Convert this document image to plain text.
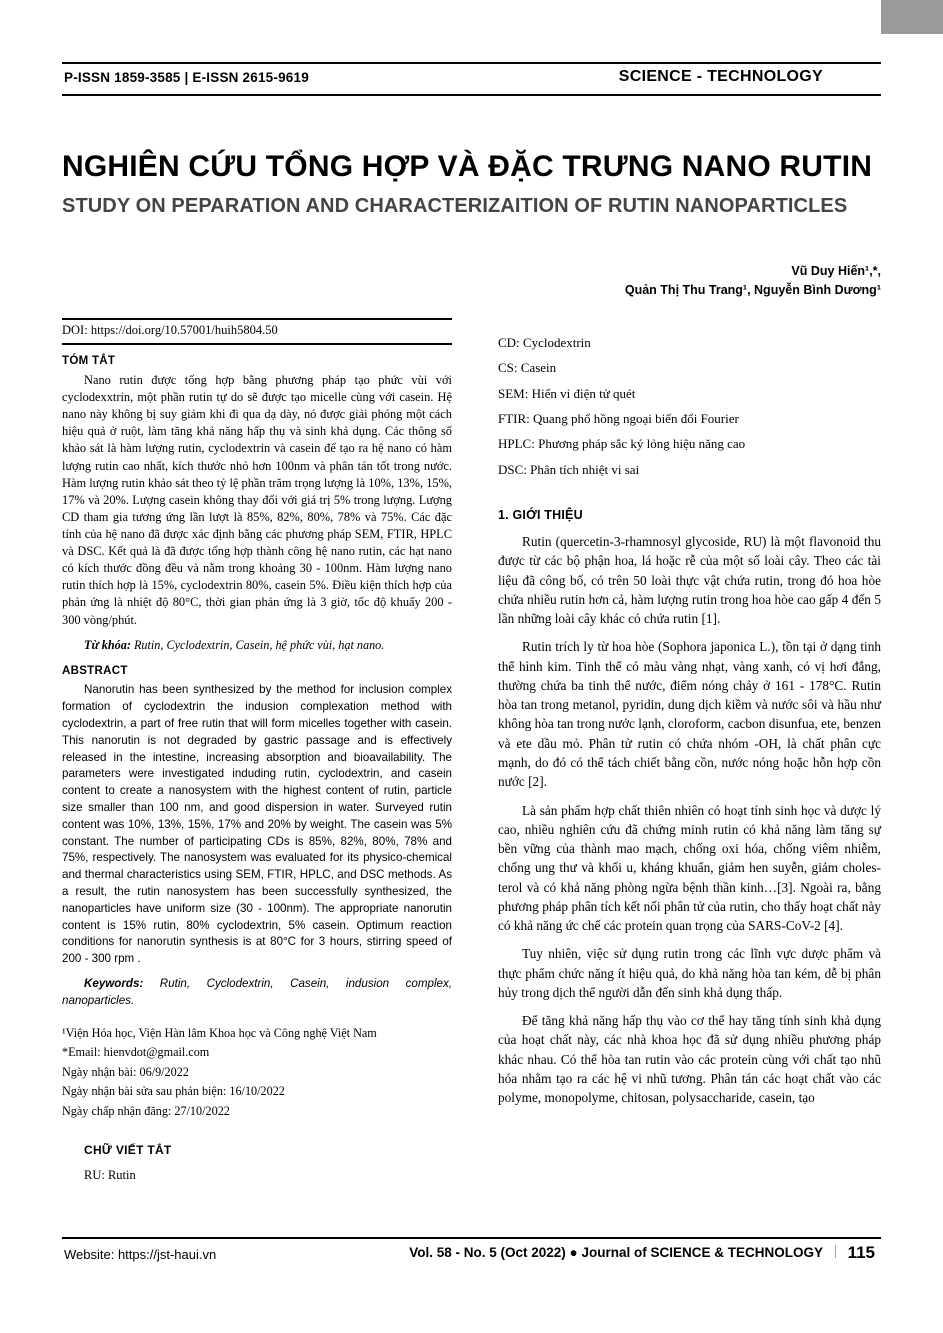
P-ISSN 1859-3585 | E-ISSN 2615-9619	SCIENCE - TECHNOLOGY
NGHIÊN CỨU TỔNG HỢP VÀ ĐẶC TRƯNG NANO RUTIN
STUDY ON PEPARATION AND CHARACTERIZAITION OF RUTIN NANOPARTICLES
Vũ Duy Hiến¹,*,
Quản Thị Thu Trang¹, Nguyễn Bình Dương¹
DOI: https://doi.org/10.57001/huih5804.50
TÓM TẮT

Nano rutin được tổng hợp bằng phương pháp tạo phức vùi với cyclodexxtrin, một phần rutin tự do sẽ được tạo micelle cùng với casein. Hệ nano này không bị suy giảm khi đi qua dạ dày, nó được giải phóng một cách hiệu quả ở ruột, làm tăng khả năng hấp thụ và sinh khả dụng. Các thông số khảo sát là hàm lượng rutin, cyclodextrin và casein để tạo ra hệ nano có hàm lượng rutin cao nhất, kích thước nhỏ hơn 100nm và phân tán tốt trong nước. Hàm lượng rutin khảo sát theo tỷ lệ phần trăm trọng lượng là 10%, 13%, 15%, 17% và 20%. Lượng casein không thay đổi với giá trị 5% trong lượng. Lượng CD tham gia tương ứng lần lượt là 85%, 82%, 80%, 78% và 75%. Các đặc tính của hệ nano đã được xác định bằng các phương pháp SEM, FTIR, HPLC và DSC. Kết quả là đã được tổng hợp thành công hệ nano rutin, các hạt nano có kích thước đồng đều và nằm trong khoảng 30 - 100nm. Hàm lượng nano rutin thích hợp là 15%, cyclodextrin 80%, casein 5%. Điều kiện thích hợp của phản ứng là nhiệt độ 80°C, thời gian phản ứng là 3 giờ, tốc độ khuấy 200 - 300 vòng/phút.

Từ khóa: Rutin, Cyclodextrin, Casein, hệ phức vùi, hạt nano.

ABSTRACT

Nanorutin has been synthesized by the method for inclusion complex formation of cyclodextrin the indusion complexation method with cyclodextrin, a part of free rutin that will form micelles together with casein. This nanorutin is not degraded by gastric passage and is effectively released in the intestine, increasing absorption and bioavailability. The parameters were investigated induding rutin, cyclodextrin, and casein content to create a nanosystem with the highest content of rutin, particle size smaller than 100 nm, and good dispersion in water. Surveyed rutin content was 10%, 13%, 15%, 17% and 20% by weight. The casein was 5% constant. The number of participating CDs is 85%, 82%, 80%, 78% and 75%, respectively. The nanosystem was evaluated for its physico-chemical and thermal characteristics using SEM, FTIR, HPLC, and DSC methods. As a result, the rutin nanosystem has been successfully synthesized, the nanoparticles have uniform size (30 - 100nm). The appropriate nanorutin content is 15% rutin, 80% cyclodextrin, 5% casein. Optimum reaction conditions for nanorutin synthesis is at 80°C for 3 hours, stirring speed of 200 - 300 rpm .

Keywords: Rutin, Cyclodextrin, Casein, indusion complex, nanoparticles.

¹Viện Hóa học, Viện Hàn lâm Khoa học và Công nghệ Việt Nam
*Email: hienvdot@gmail.com
Ngày nhận bài: 06/9/2022
Ngày nhận bài sửa sau phản biện: 16/10/2022
Ngày chấp nhận đăng: 27/10/2022
CHỮ VIẾT TẮT
RU: Rutin

CD: Cyclodextrin

CS: Casein

SEM: Hiển vi điện tử quét

FTIR: Quang phổ hồng ngoại biến đổi Fourier

HPLC: Phương pháp sắc ký lỏng hiệu năng cao

DSC: Phân tích nhiệt vi sai

1. GIỚI THIỆU

Rutin (quercetin-3-rhamnosyl glycoside, RU) là một flavonoid thu được từ các bộ phận hoa, lá hoặc rễ của một số loài cây. Theo các tài liệu đã công bố, có trên 50 loài thực vật chứa rutin, trong đó hoa hòe chứa nhiều rutin hơn cả, hàm lượng rutin trong hoa hòe cao gấp 4 đến 5 lần những loài cây khác có chứa rutin [1].

Rutin trích ly từ hoa hòe (Sophora japonica L.), tồn tại ở dạng tinh thể hình kim. Tinh thể có màu vàng nhạt, vàng xanh, có vị hơi đắng, thường chứa ba tinh thể nước, điểm nóng chảy ở 161 - 178°C. Rutin hòa tan trong metanol, pyridin, dung dịch kiềm và nước sôi và hầu như không hòa tan trong nước lạnh, cloroform, cacbon disunfua, ete, benzen và ete dầu mỏ. Phân tử rutin có chứa nhóm -OH, là chất phân cực mạnh, do đó có thể tách chiết bằng cồn, nước nóng hoặc hỗn hợp cồn nước [2].

Là sản phẩm hợp chất thiên nhiên có hoạt tính sinh học và dược lý cao, nhiều nghiên cứu đã chứng minh rutin có khả năng làm tăng sự bền vững của thành mao mạch, chống oxi hóa, chống viêm nhiễm, chống ung thư và khối u, kháng khuẩn, giảm hen suyễn, giảm choles-terol và có khả năng phòng ngừa bệnh thần kinh…[3]. Ngoài ra, bằng phương pháp phân tích kết nối phân tử của rutin, cho thấy hoạt chất này có khả năng ức chế các protein quan trọng của SARS-CoV-2 [4].

Tuy nhiên, việc sử dụng rutin trong các lĩnh vực dược phẩm và thực phẩm chức năng ít hiệu quả, do khả năng hòa tan kém, dễ bị phân hủy trong dịch thể người dẫn đến sinh khả dụng thấp.

Để tăng khả năng hấp thụ vào cơ thể hay tăng tính sinh khả dụng của hoạt chất này, các nhà khoa học đã sử dụng nhiều phương pháp khác nhau. Có thể hòa tan rutin vào các protein cùng với chất tạo nhũ hóa nhằm tạo ra các hệ vi nhũ tương. Phân tán các hoạt chất vào các polyme, monopolyme, chitosan, polysaccharide, casein, tạo

Website: https://jst-haui.vn	Vol. 58 - No. 5 (Oct 2022) ● Journal of SCIENCE & TECHNOLOGY | 115
